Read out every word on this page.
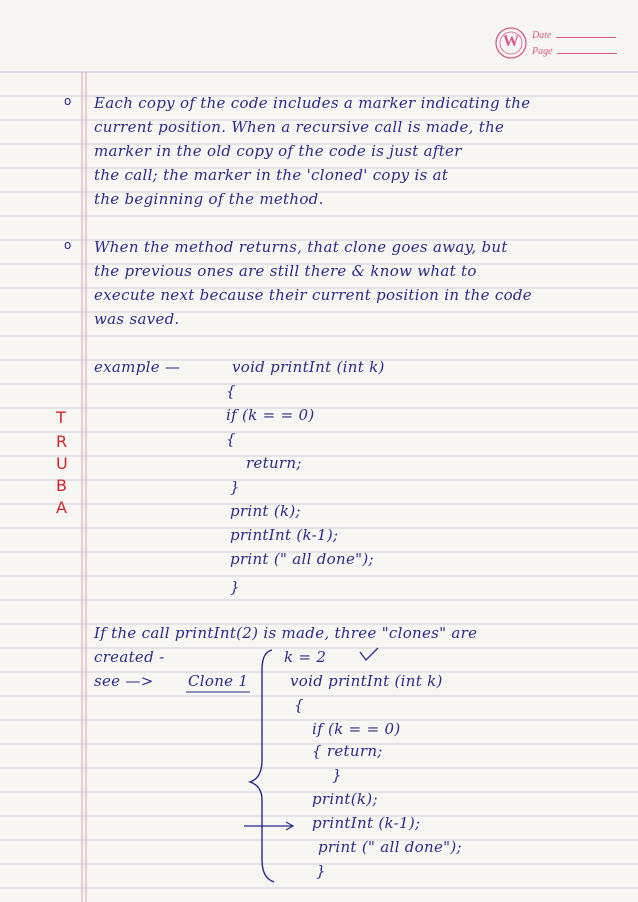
W	Date
Page
o Each copy of the code includes a marker indicating the
current position. When a recursive call is made, the
marker in the old copy of the code is just after
the call; the marker in the 'cloned' copy is at
the beginning of the method.
o When the method returns, that clone goes away, but
the previous ones are still there & know what to
execute next because their current position in the code
was saved.
example —	void printInt (int k)
{
if (k = = 0)
{
return;
}
print (k);
printInt (k-1);
print (" all done");
}
T
R
U
B
A
If the call printInt(2) is made, three "clones" are
created -	k = 2
see —> Clone 1	void printInt (int k)
{
if (k = = 0)
{ return;
}
print(k);
printInt (k-1);
print (" all done");
}
